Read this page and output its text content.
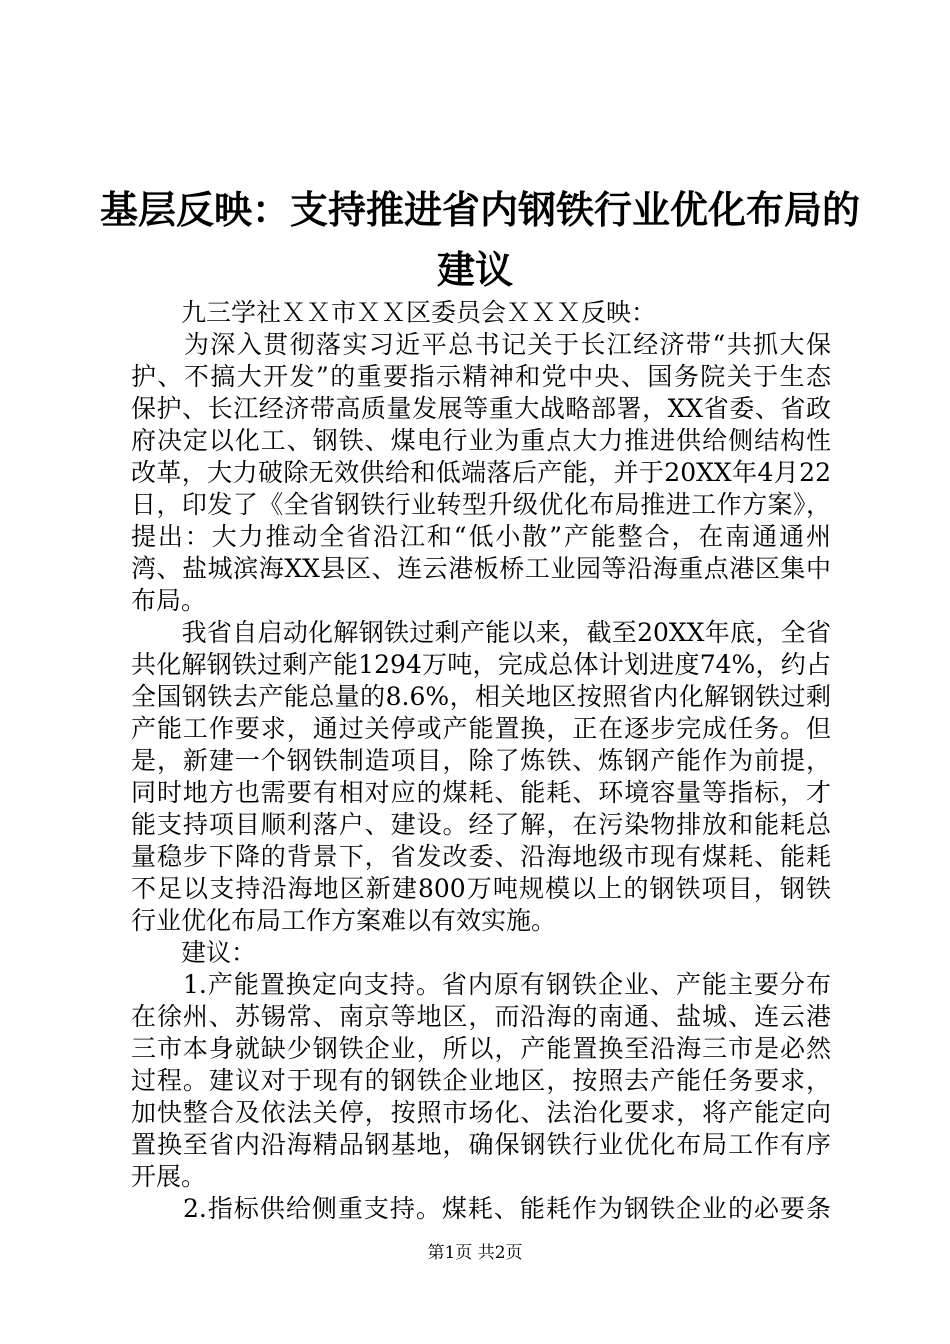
基层反映：支持推进省内钢铁行业优化布局的
建议
　　九三学社ＸＸ市ＸＸ区委员会ＸＸＸ反映：
　　为深入贯彻落实习近平总书记关于长江经济带“共抓大保
护、不搞大开发”的重要指示精神和党中央、国务院关于生态
保护、长江经济带高质量发展等重大战略部署，XX省委、省政
府决定以化工、钢铁、煤电行业为重点大力推进供给侧结构性
改革，大力破除无效供给和低端落后产能，并于20XX年4月22
日，印发了《全省钢铁行业转型升级优化布局推进工作方案》，
提出：大力推动全省沿江和“低小散”产能整合，在南通通州
湾、盐城滨海XX县区、连云港板桥工业园等沿海重点港区集中
布局。
　　我省自启动化解钢铁过剩产能以来，截至20XX年底，全省
共化解钢铁过剩产能1294万吨，完成总体计划进度74%，约占
全国钢铁去产能总量的8.6%，相关地区按照省内化解钢铁过剩
产能工作要求，通过关停或产能置换，正在逐步完成任务。但
是，新建一个钢铁制造项目，除了炼铁、炼钢产能作为前提，
同时地方也需要有相对应的煤耗、能耗、环境容量等指标，才
能支持项目顺利落户、建设。经了解，在污染物排放和能耗总
量稳步下降的背景下，省发改委、沿海地级市现有煤耗、能耗
不足以支持沿海地区新建800万吨规模以上的钢铁项目，钢铁
行业优化布局工作方案难以有效实施。
　　建议：
　　1.产能置换定向支持。省内原有钢铁企业、产能主要分布
在徐州、苏锡常、南京等地区，而沿海的南通、盐城、连云港
三市本身就缺少钢铁企业，所以，产能置换至沿海三市是必然
过程。建议对于现有的钢铁企业地区，按照去产能任务要求，
加快整合及依法关停，按照市场化、法治化要求，将产能定向
置换至省内沿海精品钢基地，确保钢铁行业优化布局工作有序
开展。
　　2.指标供给侧重支持。煤耗、能耗作为钢铁企业的必要条
第1页 共2页
